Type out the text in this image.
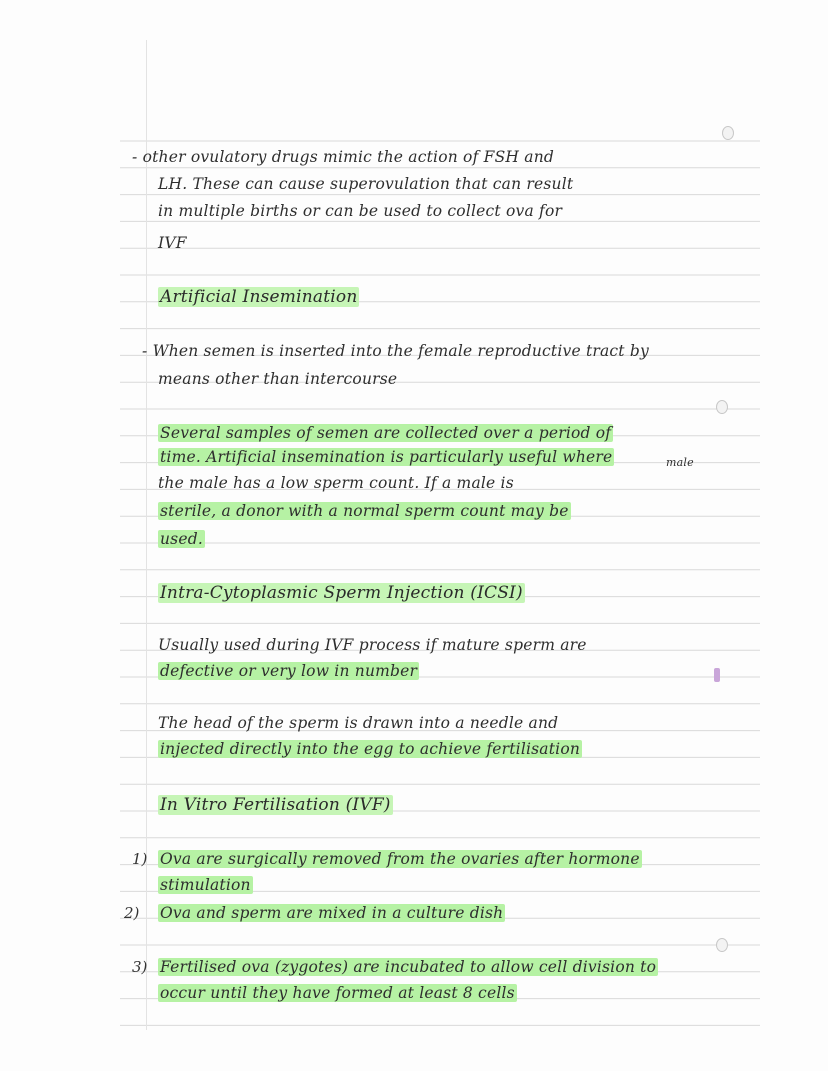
- other ovulatory drugs mimic the action of FSH and
LH. These can cause superovulation that can result
in multiple births or can be used to collect ova for
IVF
Artificial Insemination
- When semen is inserted into the female reproductive tract by
means other than intercourse
Several samples of semen are collected over a period of
time. Artificial insemination is particularly useful where	male
the male has a low sperm count. If a male is
sterile, a donor with a normal sperm count may be
used.
Intra-Cytoplasmic Sperm Injection (ICSI)
Usually used during IVF process if mature sperm are
defective or very low in number
The head of the sperm is drawn into a needle and
injected directly into the egg to achieve fertilisation
In Vitro Fertilisation (IVF)
1) Ova are surgically removed from the ovaries after hormone
stimulation
2) Ova and sperm are mixed in a culture dish
3) Fertilised ova (zygotes) are incubated to allow cell division to
occur until they have formed at least 8 cells
